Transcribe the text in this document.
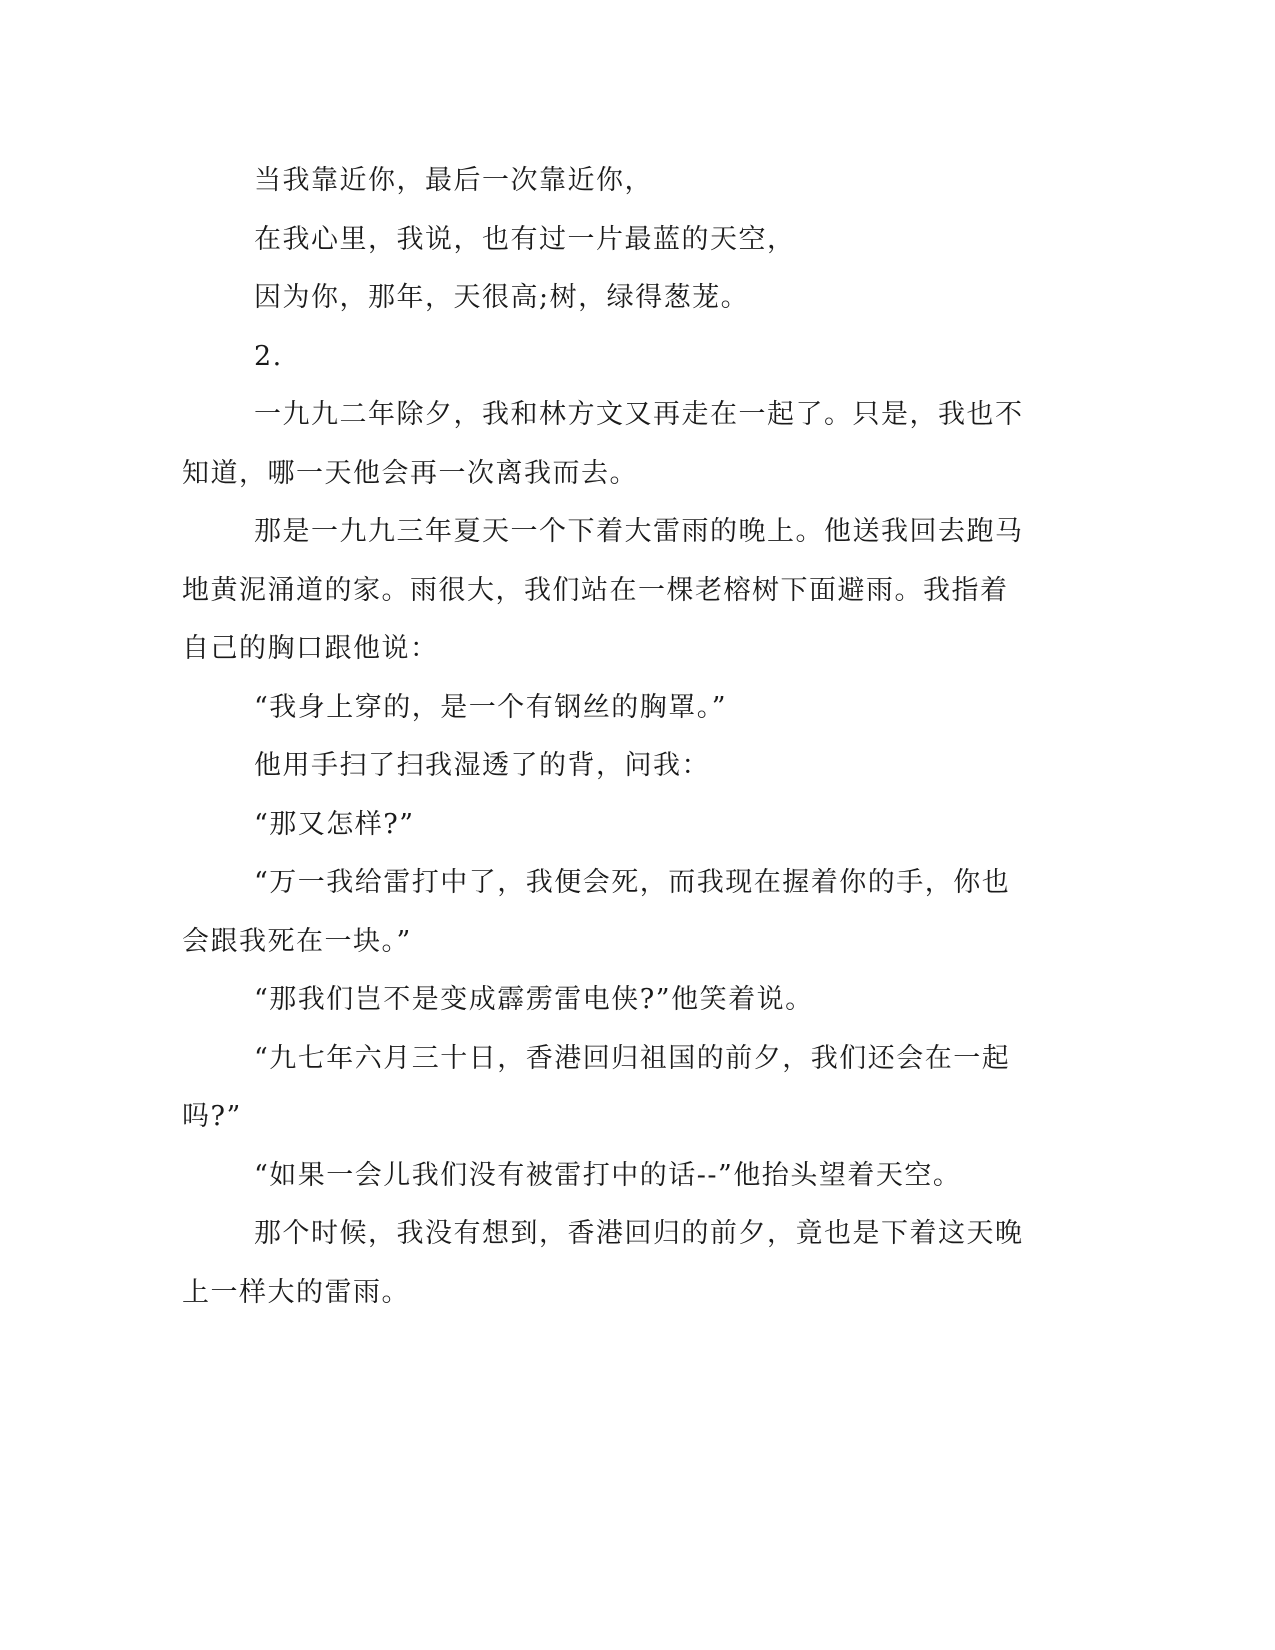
当我靠近你，最后一次靠近你，

在我心里，我说，也有过一片最蓝的天空，

因为你，那年，天很高;树，绿得葱茏。

2.

一九九二年除夕，我和林方文又再走在一起了。只是，我也不知道，哪一天他会再一次离我而去。

那是一九九三年夏天一个下着大雷雨的晚上。他送我回去跑马地黄泥涌道的家。雨很大，我们站在一棵老榕树下面避雨。我指着自己的胸口跟他说：

“我身上穿的，是一个有钢丝的胸罩。”

他用手扫了扫我湿透了的背，问我：

“那又怎样?”

“万一我给雷打中了，我便会死，而我现在握着你的手，你也会跟我死在一块。”

“那我们岂不是变成霹雳雷电侠?”他笑着说。

“九七年六月三十日，香港回归祖国的前夕，我们还会在一起吗?”

“如果一会儿我们没有被雷打中的话--”他抬头望着天空。

那个时候，我没有想到，香港回归的前夕，竟也是下着这天晚上一样大的雷雨。
